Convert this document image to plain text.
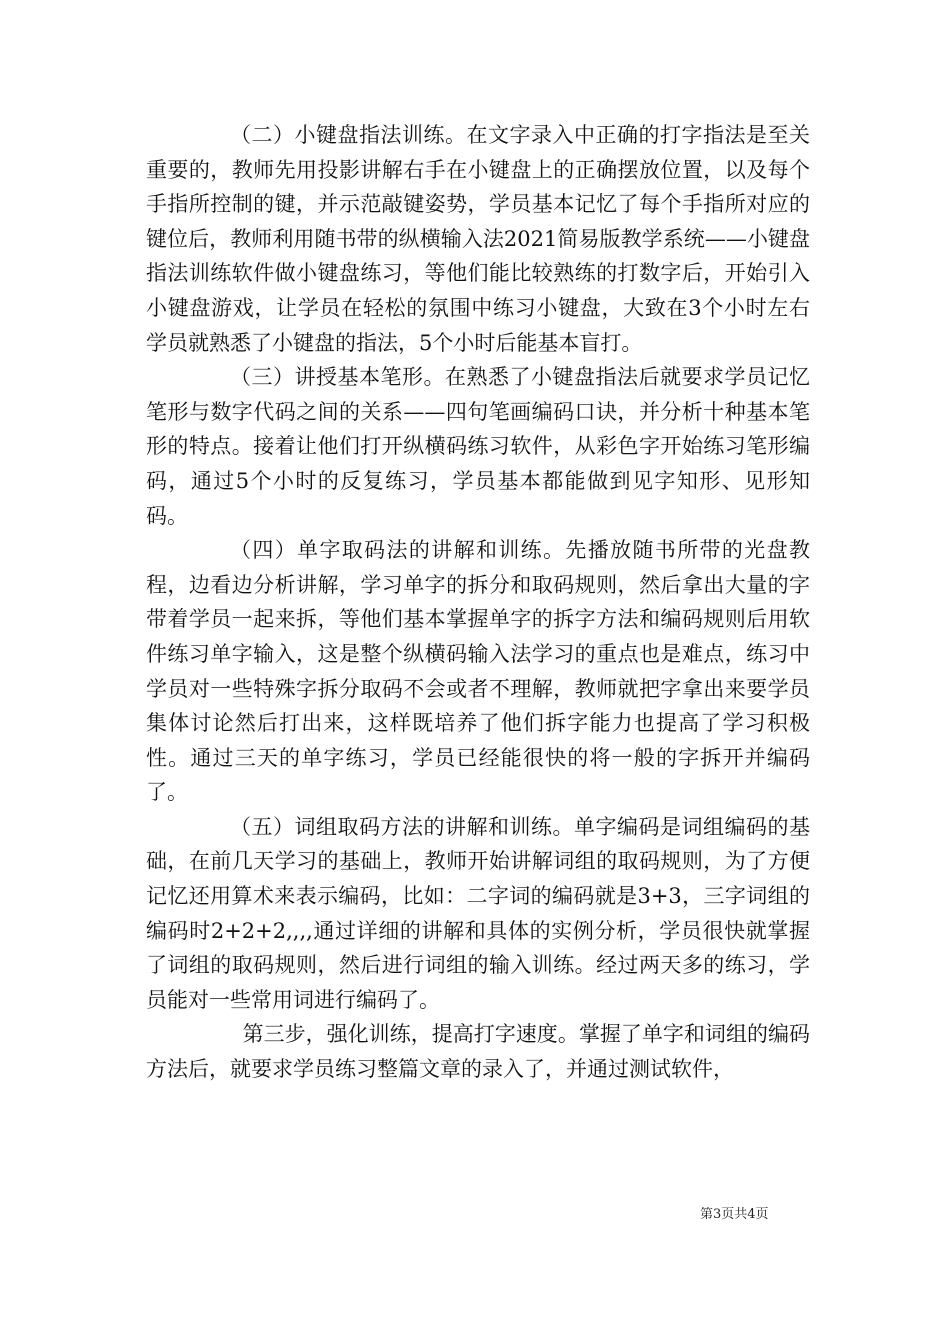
（二）小键盘指法训练。在文字录入中正确的打字指法是至关重要的，教师先用投影讲解右手在小键盘上的正确摆放位置，以及每个手指所控制的键，并示范敲键姿势，学员基本记忆了每个手指所对应的键位后，教师利用随书带的纵横输入法2021简易版教学系统——小键盘指法训练软件做小键盘练习，等他们能比较熟练的打数字后，开始引入小键盘游戏，让学员在轻松的氛围中练习小键盘，大致在3个小时左右学员就熟悉了小键盘的指法，5个小时后能基本盲打。

（三）讲授基本笔形。在熟悉了小键盘指法后就要求学员记忆笔形与数字代码之间的关系——四句笔画编码口诀，并分析十种基本笔形的特点。接着让他们打开纵横码练习软件，从彩色字开始练习笔形编码，通过5个小时的反复练习，学员基本都能做到见字知形、见形知码。

（四）单字取码法的讲解和训练。先播放随书所带的光盘教程，边看边分析讲解，学习单字的拆分和取码规则，然后拿出大量的字带着学员一起来拆，等他们基本掌握单字的拆字方法和编码规则后用软件练习单字输入，这是整个纵横码输入法学习的重点也是难点，练习中学员对一些特殊字拆分取码不会或者不理解，教师就把字拿出来要学员集体讨论然后打出来，这样既培养了他们拆字能力也提高了学习积极性。通过三天的单字练习，学员已经能很快的将一般的字拆开并编码了。

（五）词组取码方法的讲解和训练。单字编码是词组编码的基础，在前几天学习的基础上，教师开始讲解词组的取码规则，为了方便记忆还用算术来表示编码，比如：二字词的编码就是3+3，三字词组的编码时2+2+2,,,,通过详细的讲解和具体的实例分析，学员很快就掌握了词组的取码规则，然后进行词组的输入训练。经过两天多的练习，学员能对一些常用词进行编码了。

第三步，强化训练，提高打字速度。掌握了单字和词组的编码方法后，就要求学员练习整篇文章的录入了，并通过测试软件，

第3页共4页
